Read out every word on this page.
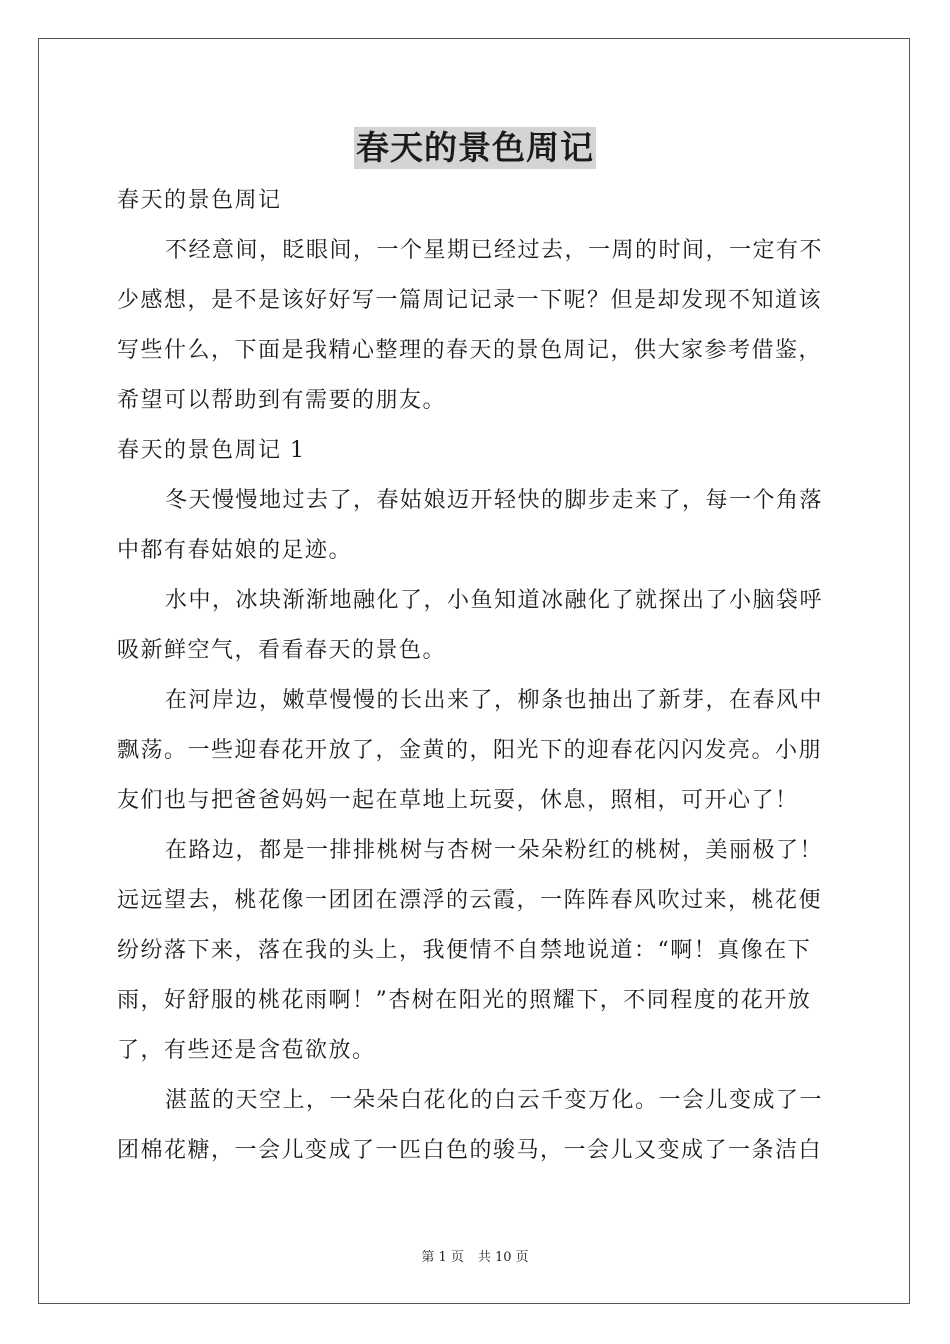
春天的景色周记

春天的景色周记

不经意间，眨眼间，一个星期已经过去，一周的时间，一定有不少感想，是不是该好好写一篇周记记录一下呢？但是却发现不知道该写些什么，下面是我精心整理的春天的景色周记，供大家参考借鉴，希望可以帮助到有需要的朋友。

春天的景色周记 1

冬天慢慢地过去了，春姑娘迈开轻快的脚步走来了，每一个角落中都有春姑娘的足迹。

水中，冰块渐渐地融化了，小鱼知道冰融化了就探出了小脑袋呼吸新鲜空气，看看春天的景色。

在河岸边，嫩草慢慢的长出来了，柳条也抽出了新芽，在春风中飘荡。一些迎春花开放了，金黄的，阳光下的迎春花闪闪发亮。小朋友们也与把爸爸妈妈一起在草地上玩耍，休息，照相，可开心了！

在路边，都是一排排桃树与杏树一朵朵粉红的桃树，美丽极了！远远望去，桃花像一团团在漂浮的云霞，一阵阵春风吹过来，桃花便纷纷落下来，落在我的头上，我便情不自禁地说道：“啊！真像在下雨，好舒服的桃花雨啊！”杏树在阳光的照耀下，不同程度的花开放了，有些还是含苞欲放。

湛蓝的天空上，一朵朵白花化的白云千变万化。一会儿变成了一团棉花糖，一会儿变成了一匹白色的骏马，一会儿又变成了一条洁白

第 1 页 共 10 页
